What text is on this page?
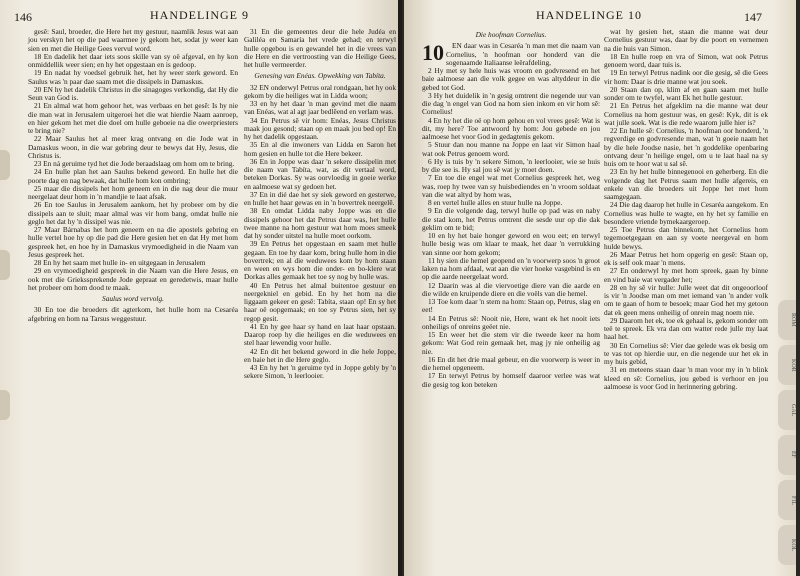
146	HANDELINGE 9

gesê: Saul, broeder, die Here het my gestuur, naamlik Jesus wat aan jou verskyn het op die pad waarmee jy gekom het, sodat jy weer kan sien en met die Heilige Gees vervul word.

18 En dadelik het daar iets soos skille van sy oë afgeval, en hy kon onmiddellik weer sien; en hy het opgestaan en is gedoop.

19 En nadat hy voedsel gebruik het, het hy weer sterk geword. En Saulus was 'n paar dae saam met die dissipels in Damaskus.

20 EN hy het dadelik Christus in die sinagoges verkondig, dat Hy die Seun van God is.

21 En almal wat hom gehoor het, was verbaas en het gesê: Is hy nie die man wat in Jerusalem uitgeroei het die wat hierdie Naam aanroep, en hier gekom het met die doel om hulle geboeie na die owerpriesters te bring nie?

22 Maar Saulus het al meer krag ontvang en die Jode wat in Damaskus woon, in die war gebring deur te bewys dat Hy, Jesus, die Christus is.

23 En ná geruime tyd het die Jode beraadslaag om hom om te bring.

24 En hulle plan het aan Saulus bekend geword. En hulle het die poorte dag en nag bewaak, dat hulle hom kon ombring;

25 maar die dissipels het hom geneem en in die nag deur die muur neergelaat deur hom in 'n mandjie te laat afsak.

26 En toe Saulus in Jerusalem aankom, het hy probeer om by die dissipels aan te sluit; maar almal was vir hom bang, omdat hulle nie geglo het dat hy 'n dissipel was nie.

27 Maar Bárnabas het hom geneem en na die apostels gebring en hulle vertel hoe hy op die pad die Here gesien het en dat Hy met hom gespreek het, en hoe hy in Damaskus vrymoedigheid in die Naam van Jesus gespreek het.

28 En hy het saam met hulle in- en uitgegaan in Jerusalem

29 en vrymoedigheid gespreek in die Naam van die Here Jesus, en ook met die Griekssprekende Jode gepraat en geredetwis, maar hulle het probeer om hom dood te maak.

Saulus word vervolg.

30 En toe die broeders dit agterkom, het hulle hom na Cesaréa afgebring en hom na Tarsus weggestuur.

31 En die gemeentes deur die hele Judéa en Galiléa en Samaría het vrede gehad; en terwyl hulle opgebou is en gewandel het in die vrees van die Here en die vertroosting van die Heilige Gees, het hulle vermeerder.

Genesing van Enéas. Opwekking van Tabíta.

32 EN onderwyl Petrus oral rondgaan, het hy ook gekom by die heiliges wat in Lidda woon;

33 en hy het daar 'n man gevind met die naam van Enéas, wat al agt jaar bedlêend en verlam was.

34 En Petrus sê vir hom: Enéas, Jesus Christus maak jou gesond; staan op en maak jou bed op! En hy het dadelik opgestaan.

35 En al die inwoners van Lidda en Saron het hom gesien en hulle tot die Here bekeer.

36 En in Joppe was daar 'n sekere dissipelin met die naam van Tabíta, wat, as dit vertaal word, beteken Dorkas. Sy was oorvloedig in goeie werke en aalmoese wat sy gedoen het.

37 En in dié dae het sy siek geword en gesterwe, en hulle het haar gewas en in 'n bovertrek neergelê.

38 En omdat Lidda naby Joppe was en die dissipels gehoor het dat Petrus daar was, het hulle twee manne na hom gestuur wat hom moes smeek dat hy sonder uitstel na hulle moet oorkom.

39 En Petrus het opgestaan en saam met hulle gegaan. En toe hy daar kom, bring hulle hom in die bovertrek; en al die weduwees kom by hom staan en ween en wys hom die onder- en bo-klere wat Dorkas alles gemaak het toe sy nog by hulle was.

40 En Petrus het almal buitentoe gestuur en neergekniel en gebid. En hy het hom na die liggaam gekeer en gesê: Tabíta, staan op! En sy het haar oë oopgemaak; en toe sy Petrus sien, het sy regop gesit.

41 En hy gee haar sy hand en laat haar opstaan. Daarop roep hy die heiliges en die weduwees en stel haar lewendig voor hulle.

42 En dit het bekend geword in die hele Joppe, en baie het in die Here geglo.

43 En hy het 'n geruime tyd in Joppe gebly by 'n sekere Simon, 'n leerlooier.

HANDELINGE 10	147

Die hoofman Cornelius.

10	EN daar was in Cesaréa 'n man met die naam van Cornelius, 'n hoofman oor honderd van die sogenaamde Italiaanse leërafdeling,

2 Hy met sy hele huis was vroom en godvresend en het baie aalmoese aan die volk gegee en was altyddeur in die gebed tot God.

3 Hy het duidelik in 'n gesig omtrent die negende uur van die dag 'n engel van God na hom sien inkom en vir hom sê: Cornelius!

4 En hy het die oë op hom gehou en vol vrees gesê: Wat is dit, my here? Toe antwoord hy hom: Jou gebede en jou aalmoese het voor God in gedagtenis gekom.

5 Stuur dan nou manne na Joppe en laat vir Simon haal wat ook Petrus genoem word.

6 Hy is tuis by 'n sekere Simon, 'n leerlooier, wie se huis by die see is. Hy sal jou sê wat jy moet doen.

7 En toe die engel wat met Cornelius gespreek het, weg was, roep hy twee van sy huisbediendes en 'n vroom soldaat van die wat altyd by hom was,

8 en vertel hulle alles en stuur hulle na Joppe.

9 En die volgende dag, terwyl hulle op pad was en naby die stad kom, het Petrus omtrent die sesde uur op die dak geklim om te bid;

10 en hy het baie honger geword en wou eet; en terwyl hulle besig was om klaar te maak, het daar 'n verrukking van sinne oor hom gekom;

11 hy sien die hemel geopend en 'n voorwerp soos 'n groot laken na hom afdaal, wat aan die vier hoeke vasgebind is en op die aarde neergelaat word.

12 Daarin was al die viervoetige diere van die aarde en die wilde en kruipende diere en die voëls van die hemel.

13 Toe kom daar 'n stem na hom: Staan op, Petrus, slag en eet!

14 En Petrus sê: Nooit nie, Here, want ek het nooit iets onheiligs of onreins geëet nie.

15 En weer het die stem vir die tweede keer na hom gekom: Wat God rein gemaak het, mag jy nie onheilig ag nie.

16 En dit het drie maal gebeur, en die voorwerp is weer in die hemel opgeneem.

17 En terwyl Petrus by homself daaroor verlee was wat die gesig tog kon beteken

wat hy gesien het, staan die manne wat deur Cornelius gestuur was, daar by die poort en vernemen na die huis van Simon.

18 En hulle roep en vra of Simon, wat ook Petrus genoem word, daar tuis is.

19 En terwyl Petrus nadink oor die gesig, sê die Gees vir hom: Daar is drie manne wat jou soek.

20 Staan dan op, klim af en gaan saam met hulle sonder om te twyfel, want Ek het hulle gestuur.

21 En Petrus het afgeklim na die manne wat deur Cornelius na hom gestuur was, en gesê: Kyk, dit is ek wat julle soek. Wat is die rede waarom julle hier is?

22 En hulle sê: Cornelius, 'n hoofman oor honderd, 'n regverdige en godvresende man, wat 'n goeie naam het by die hele Joodse nasie, het 'n goddelike openbaring ontvang deur 'n heilige engel, om u te laat haal na sy huis om te hoor wat u sal sê.

23 En hy het hulle binnegenooi en geherberg. En die volgende dag het Petrus saam met hulle afgereis, en enkele van die broeders uit Joppe het met hom saamgegaan.

24 Die dag daarop het hulle in Cesaréa aangekom. En Cornelius was hulle te wagte, en hy het sy familie en besondere vriende bymekaargeroep.

25 Toe Petrus dan binnekom, het Cornelius hom tegemoetgegaan en aan sy voete neergeval en hom hulde bewys.

26 Maar Petrus het hom opgerig en gesê: Staan op, ek is self ook maar 'n mens.

27 En onderwyl hy met hom spreek, gaan hy binne en vind baie wat vergader het;

28 en hy sê vir hulle: Julle weet dat dit ongeoorloof is vir 'n Joodse man om met iemand van 'n ander volk om te gaan of hom te besoek; maar God het my getoon dat ek geen mens onheilig of onrein mag noem nie.

29 Daarom het ek, toe ek gehaal is, gekom sonder om teë te spreek. Ek vra dan om watter rede julle my laat haal het.

30 En Cornelius sê: Vier dae gelede was ek besig om te vas tot op hierdie uur, en die negende uur het ek in my huis gebid,

31 en meteens staan daar 'n man voor my in 'n blink kleed en sê: Cornelius, jou gebed is verhoor en jou aalmoese is voor God in herinnering gebring.

ROM
KOR
GAL
EF
FIL
KOL
